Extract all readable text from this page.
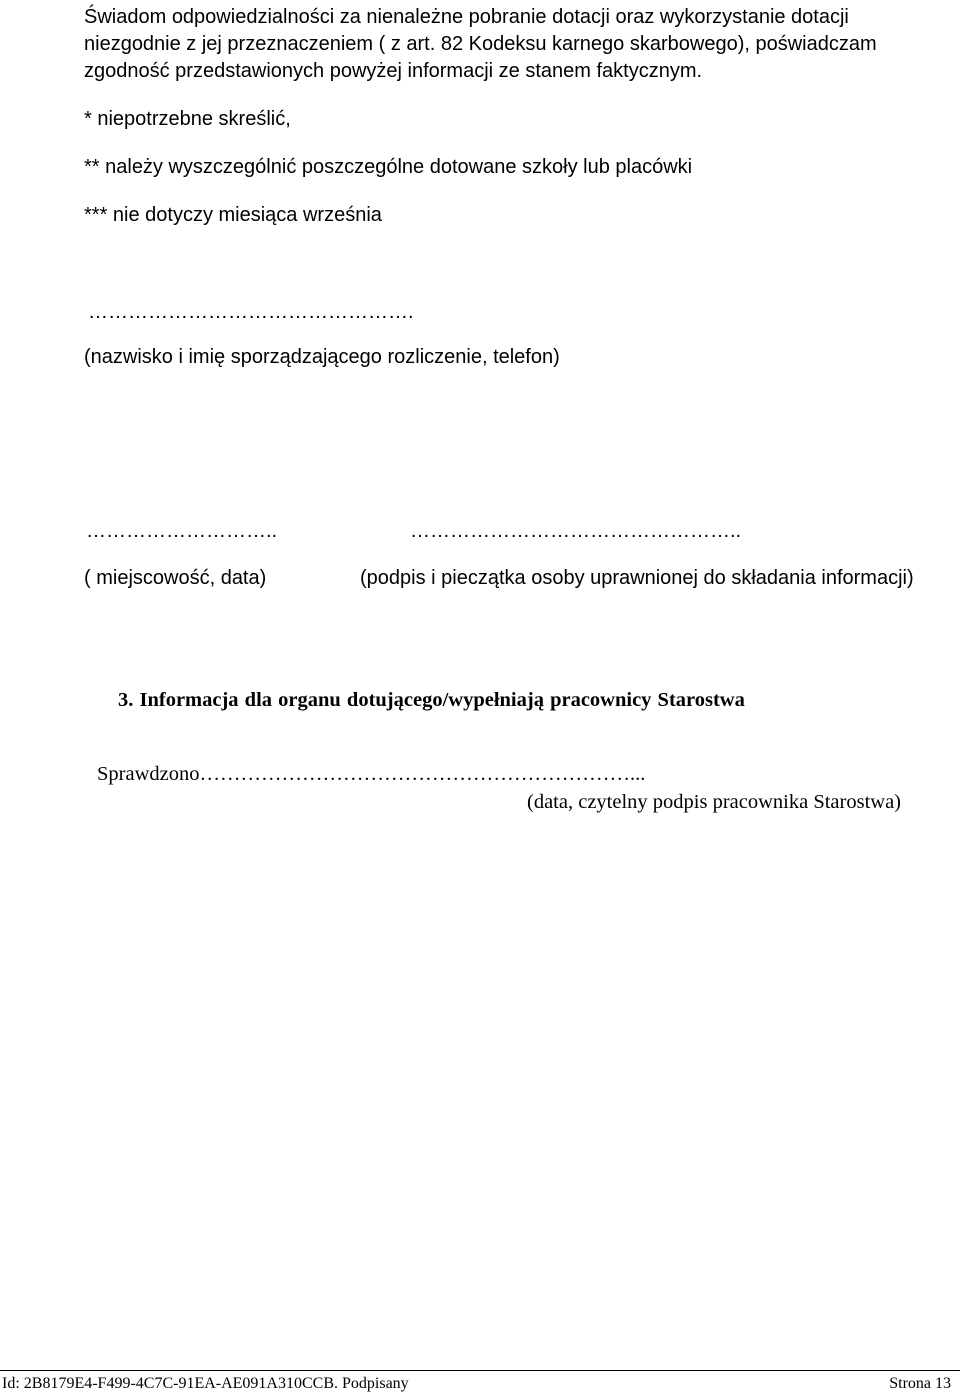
Świadom odpowiedzialności za nienależne pobranie dotacji oraz wykorzystanie dotacji
niezgodnie z jej przeznaczeniem ( z art. 82 Kodeksu karnego skarbowego), poświadczam
zgodność przedstawionych powyżej informacji ze stanem faktycznym.
* niepotrzebne skreślić,
** należy wyszczególnić poszczególne dotowane szkoły lub placówki
*** nie dotyczy miesiąca września
………………………………………….
(nazwisko i imię sporządzającego rozliczenie, telefon)
………………………..	…………………………………………..
( miejscowość, data)	(podpis i pieczątka osoby uprawnionej do składania informacji)
3. Informacja dla organu dotującego/wypełniają pracownicy Starostwa
Sprawdzono………………………………………………………...
(data, czytelny podpis pracownika Starostwa)
Id: 2B8179E4-F499-4C7C-91EA-AE091A310CCB. Podpisany	Strona 13
